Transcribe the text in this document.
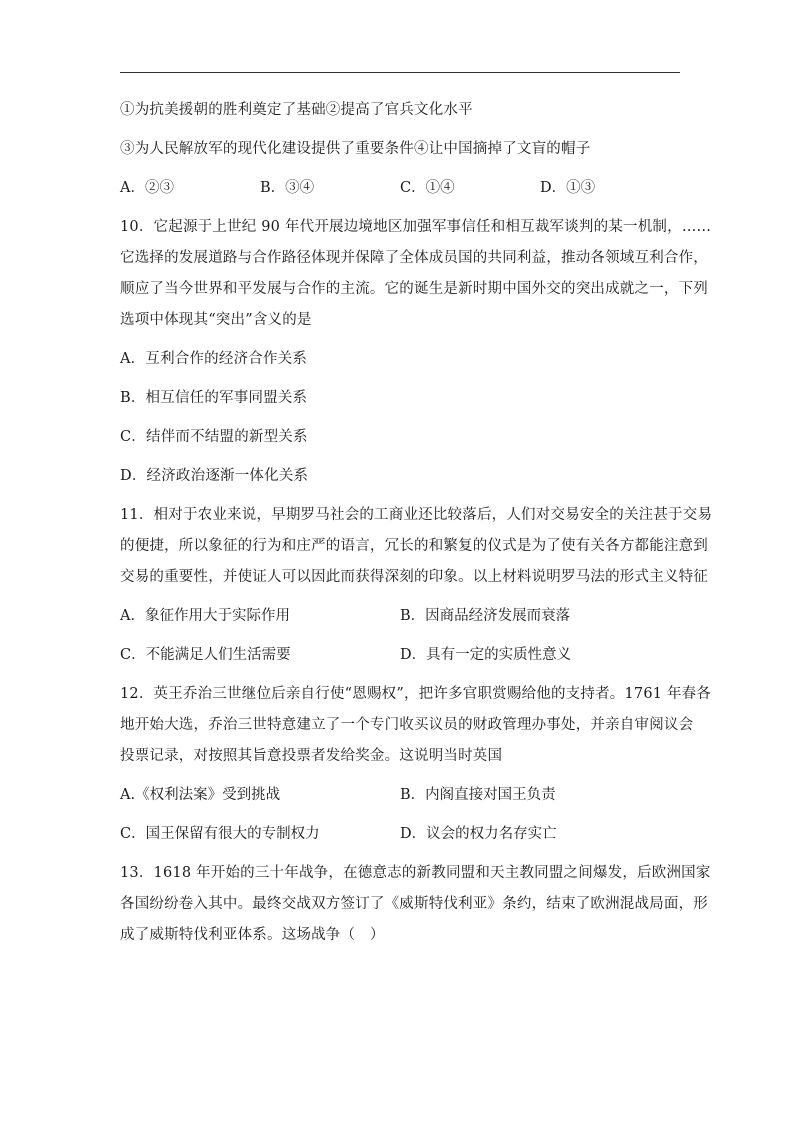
①为抗美援朝的胜利奠定了基础②提高了官兵文化水平
③为人民解放军的现代化建设提供了重要条件④让中国摘掉了文盲的帽子
A．②③	B．③④	C．①④	D．①③
10．它起源于上世纪 90 年代开展边境地区加强军事信任和相互裁军谈判的某一机制，……
它选择的发展道路与合作路径体现并保障了全体成员国的共同利益，推动各领域互利合作，
顺应了当今世界和平发展与合作的主流。它的诞生是新时期中国外交的突出成就之一，下列
选项中体现其“突出”含义的是
A．互利合作的经济合作关系
B．相互信任的军事同盟关系
C．结伴而不结盟的新型关系
D．经济政治逐渐一体化关系
11．相对于农业来说，早期罗马社会的工商业还比较落后，人们对交易安全的关注甚于交易
的便捷，所以象征的行为和庄严的语言，冗长的和繁复的仪式是为了使有关各方都能注意到
交易的重要性，并使证人可以因此而获得深刻的印象。以上材料说明罗马法的形式主义特征
A．象征作用大于实际作用	B．因商品经济发展而衰落
C．不能满足人们生活需要	D．具有一定的实质性意义
12．英王乔治三世继位后亲自行使“恩赐权”，把许多官职赏赐给他的支持者。1761 年春各
地开始大选，乔治三世特意建立了一个专门收买议员的财政管理办事处，并亲自审阅议会
投票记录，对按照其旨意投票者发给奖金。这说明当时英国
A.《权利法案》受到挑战	B．内阁直接对国王负责
C．国王保留有很大的专制权力	D．议会的权力名存实亡
13．1618 年开始的三十年战争，在德意志的新教同盟和天主教同盟之间爆发，后欧洲国家
各国纷纷卷入其中。最终交战双方签订了《威斯特伐利亚》条约，结束了欧洲混战局面，形
成了威斯特伐利亚体系。这场战争（　）
